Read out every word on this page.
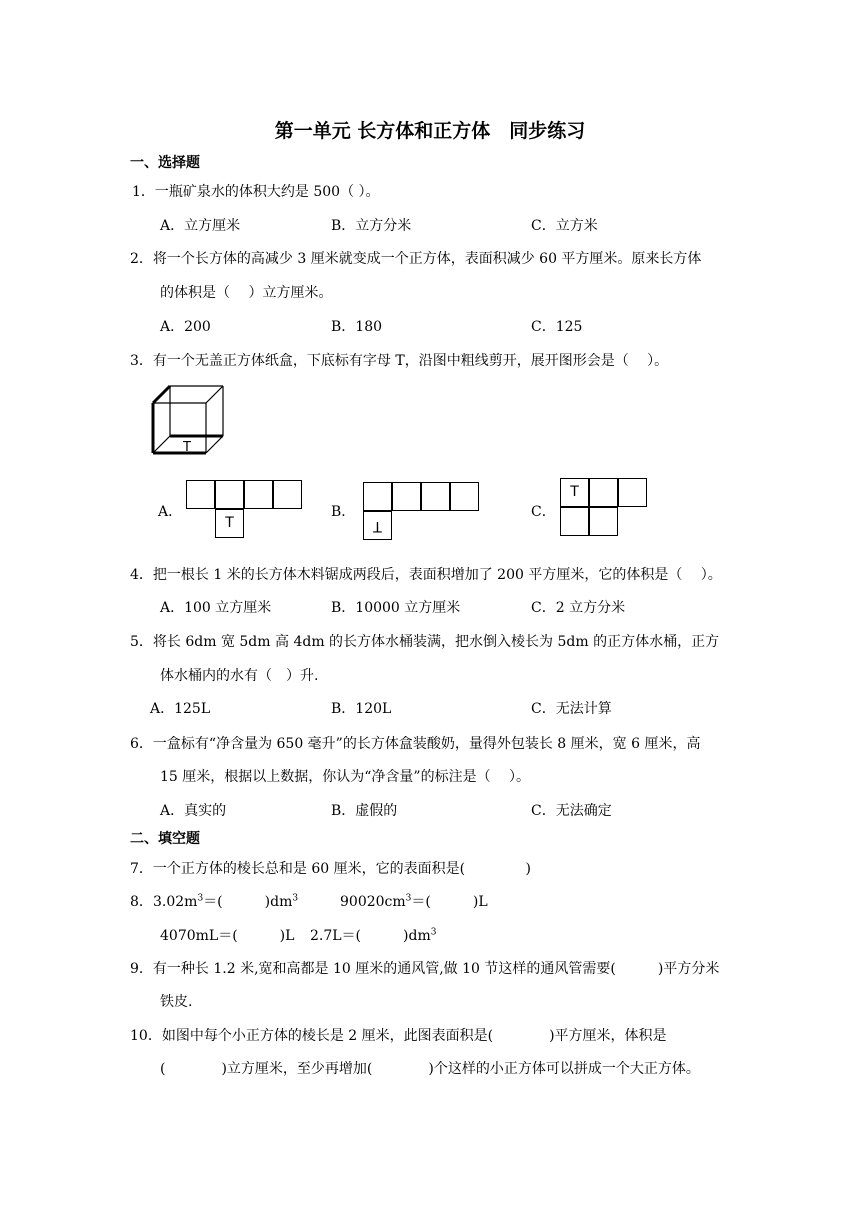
第一单元 长方体和正方体　同步练习
一、选择题
1．一瓶矿泉水的体积大约是 500（ ）。
A．立方厘米	B．立方分米	C．立方米
2．将一个长方体的高减少 3 厘米就变成一个正方体，表面积减少 60 平方厘米。原来长方体
的体积是（　 ）立方厘米。
A．200	B．180	C．125
3．有一个无盖正方体纸盒，下底标有字母 T，沿图中粗线剪开，展开图形会是（　 ）。
T
A．
T
B．
T
C．
T
4．把一根长 1 米的长方体木料锯成两段后，表面积增加了 200 平方厘米，它的体积是（　 ）。
A．100 立方厘米	B．10000 立方厘米	C．2 立方分米
5．将长 6dm 宽 5dm 高 4dm 的长方体水桶装满，把水倒入棱长为 5dm 的正方体水桶，正方
体水桶内的水有（　）升.
A．125L	B．120L	C．无法计算
6．一盒标有“净含量为 650 毫升”的长方体盒装酸奶，量得外包装长 8 厘米，宽 6 厘米，高
15 厘米，根据以上数据，你认为“净含量”的标注是（　 ）。
A．真实的	B．虚假的	C．无法确定
二、填空题
7．一个正方体的棱长总和是 60 厘米，它的表面积是(　　　　 )
8． $3.02m^3=$(　　　)$dm^3$	$90020cm^3=$(　　　)L
4070mL＝(　　　)L 2.7L＝(　　　)$dm^3$
9．有一种长 1.2 米,宽和高都是 10 厘米的通风管,做 10 节这样的通风管需要(　　　)平方分米
铁皮.
10．如图中每个小正方体的棱长是 2 厘米，此图表面积是(　　　　)平方厘米，体积是
(　　　　)立方厘米，至少再增加(　　　　)个这样的小正方体可以拼成一个大正方体。
